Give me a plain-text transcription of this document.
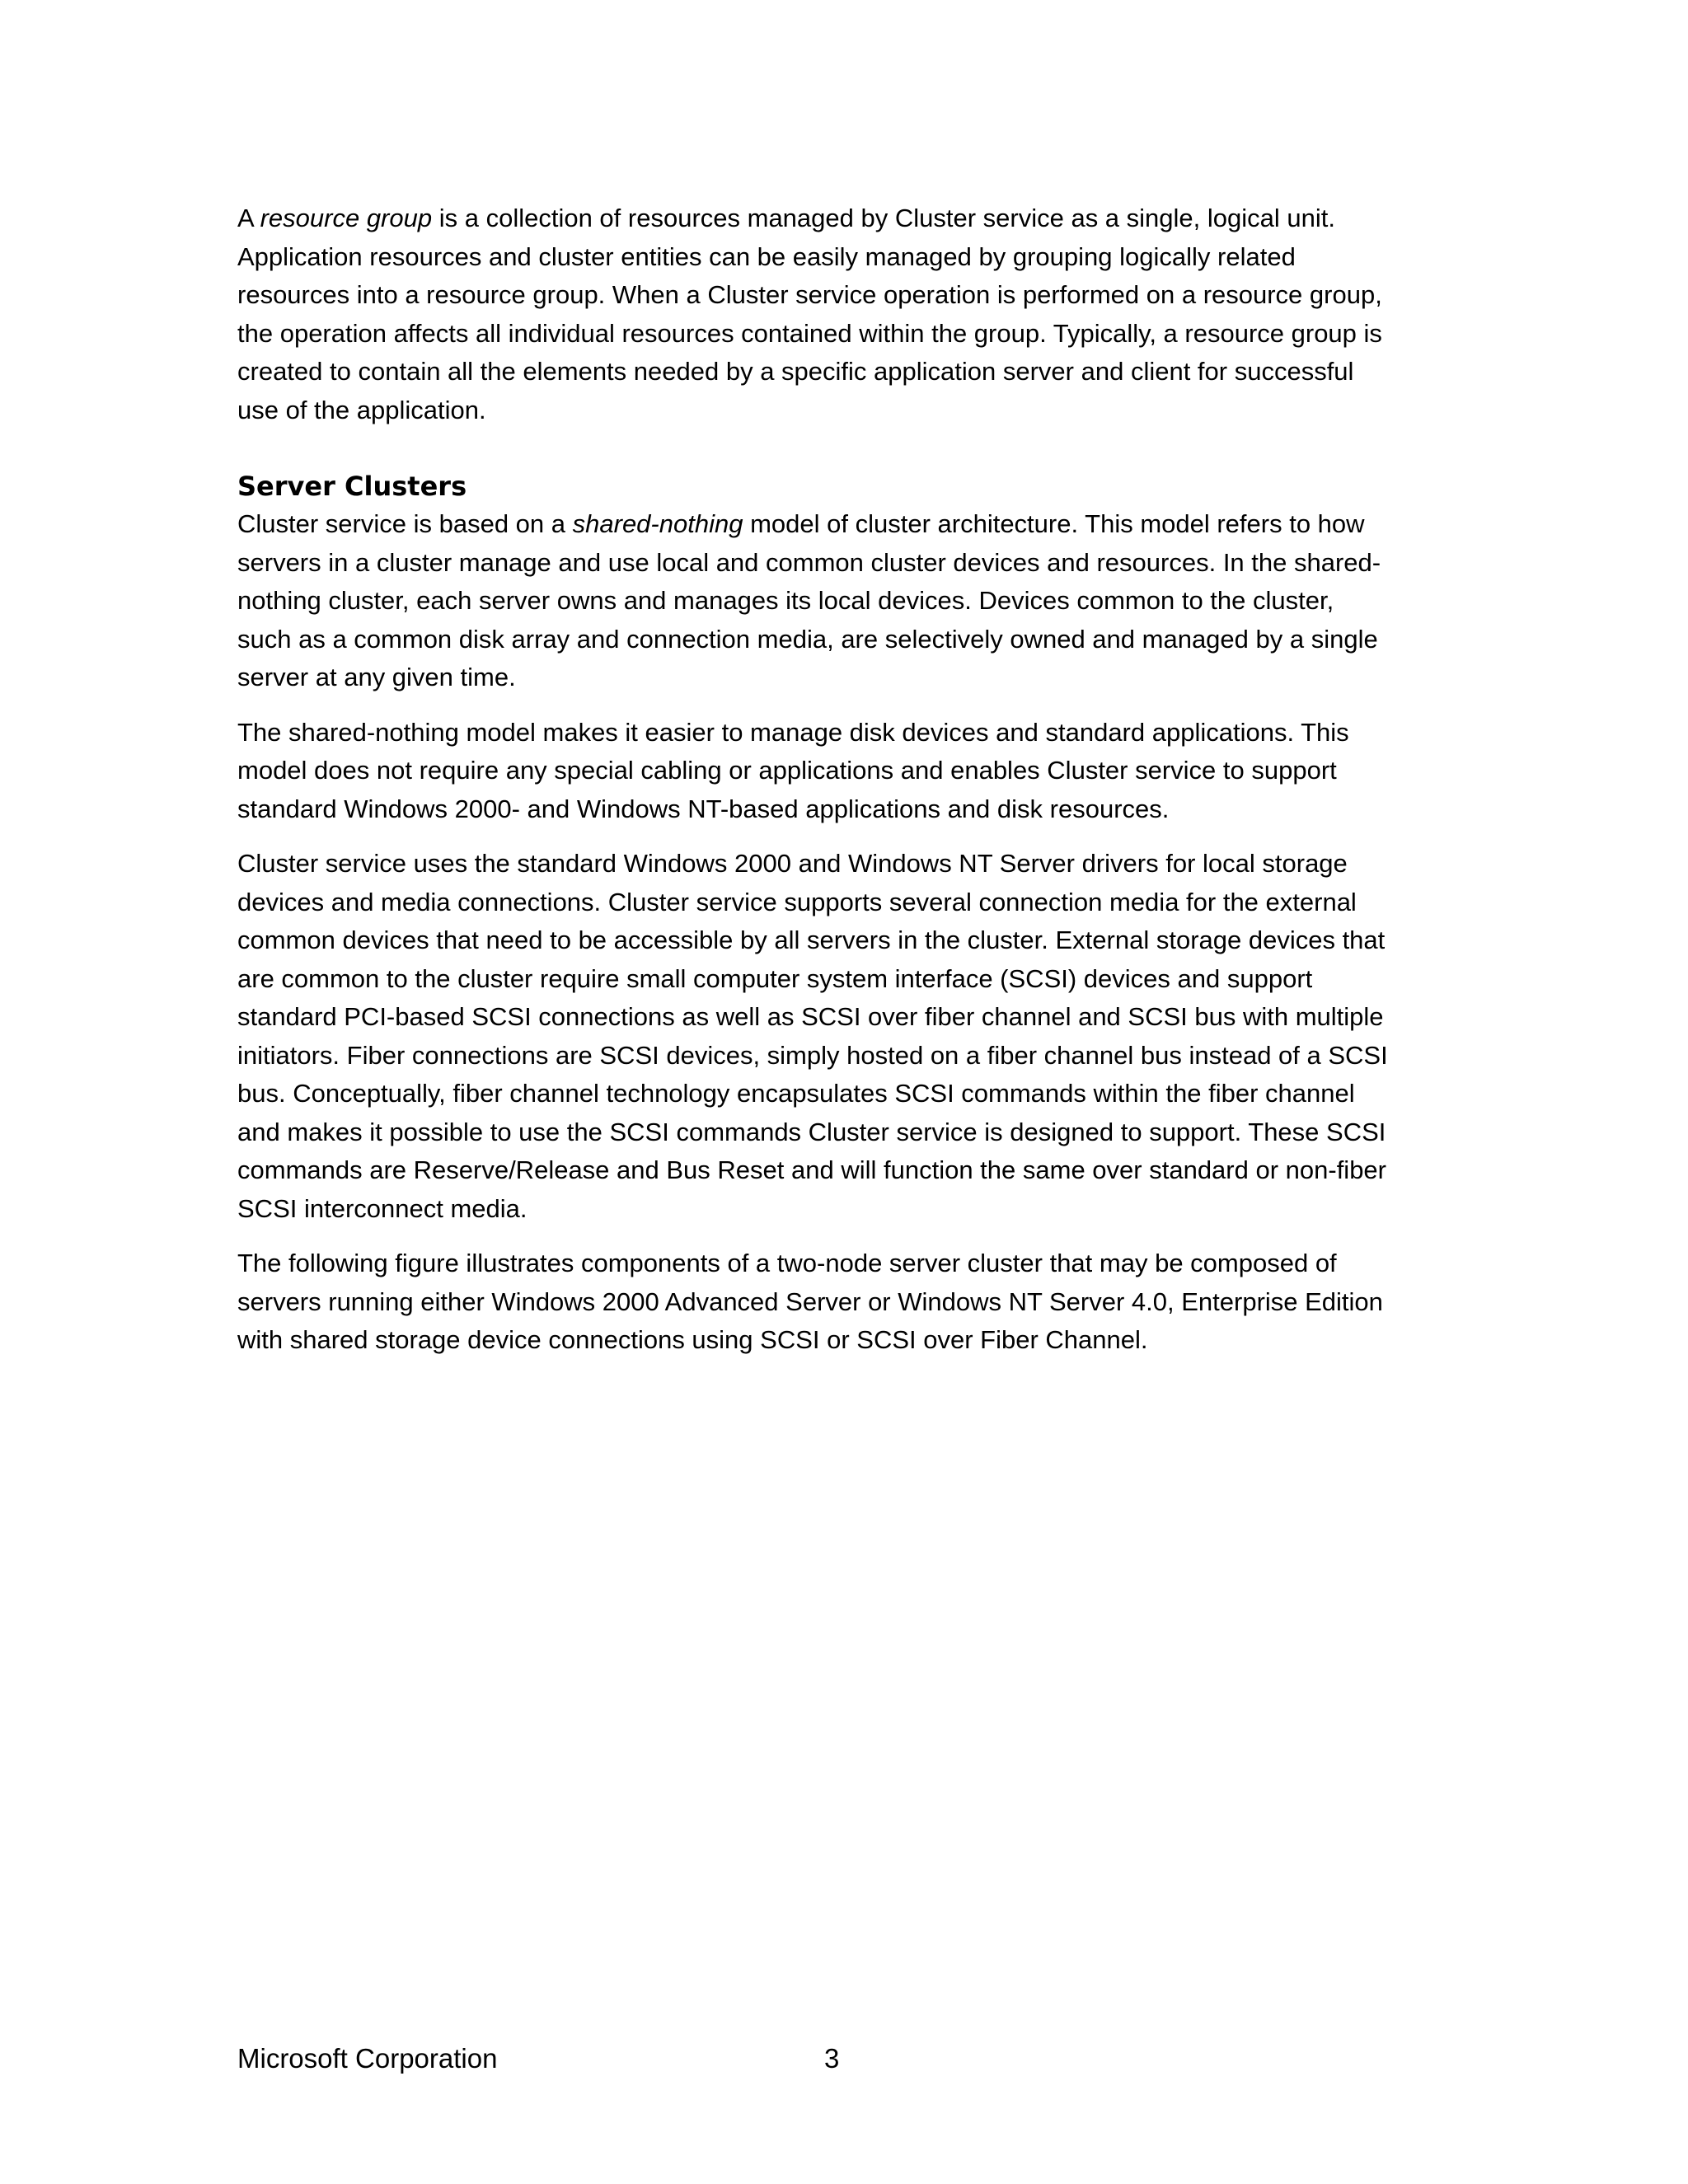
A resource group is a collection of resources managed by Cluster service as a single, logical unit. Application resources and cluster entities can be easily managed by grouping logically related resources into a resource group. When a Cluster service operation is performed on a resource group, the operation affects all individual resources contained within the group. Typically, a resource group is created to contain all the elements needed by a specific application server and client for successful use of the application.

Server Clusters

Cluster service is based on a shared-nothing model of cluster architecture. This model refers to how servers in a cluster manage and use local and common cluster devices and resources. In the shared-nothing cluster, each server owns and manages its local devices. Devices common to the cluster, such as a common disk array and connection media, are selectively owned and managed by a single server at any given time.

The shared-nothing model makes it easier to manage disk devices and standard applications. This model does not require any special cabling or applications and enables Cluster service to support standard Windows 2000- and Windows NT-based applications and disk resources.

Cluster service uses the standard Windows 2000 and Windows NT Server drivers for local storage devices and media connections. Cluster service supports several connection media for the external common devices that need to be accessible by all servers in the cluster. External storage devices that are common to the cluster require small computer system interface (SCSI) devices and support standard PCI-based SCSI connections as well as SCSI over fiber channel and SCSI bus with multiple initiators. Fiber connections are SCSI devices, simply hosted on a fiber channel bus instead of a SCSI bus. Conceptually, fiber channel technology encapsulates SCSI commands within the fiber channel and makes it possible to use the SCSI commands Cluster service is designed to support. These SCSI commands are Reserve/Release and Bus Reset and will function the same over standard or non-fiber SCSI interconnect media.

The following figure illustrates components of a two-node server cluster that may be composed of servers running either Windows 2000 Advanced Server or Windows NT Server 4.0, Enterprise Edition with shared storage device connections using SCSI or SCSI over Fiber Channel.

Microsoft Corporation	3
